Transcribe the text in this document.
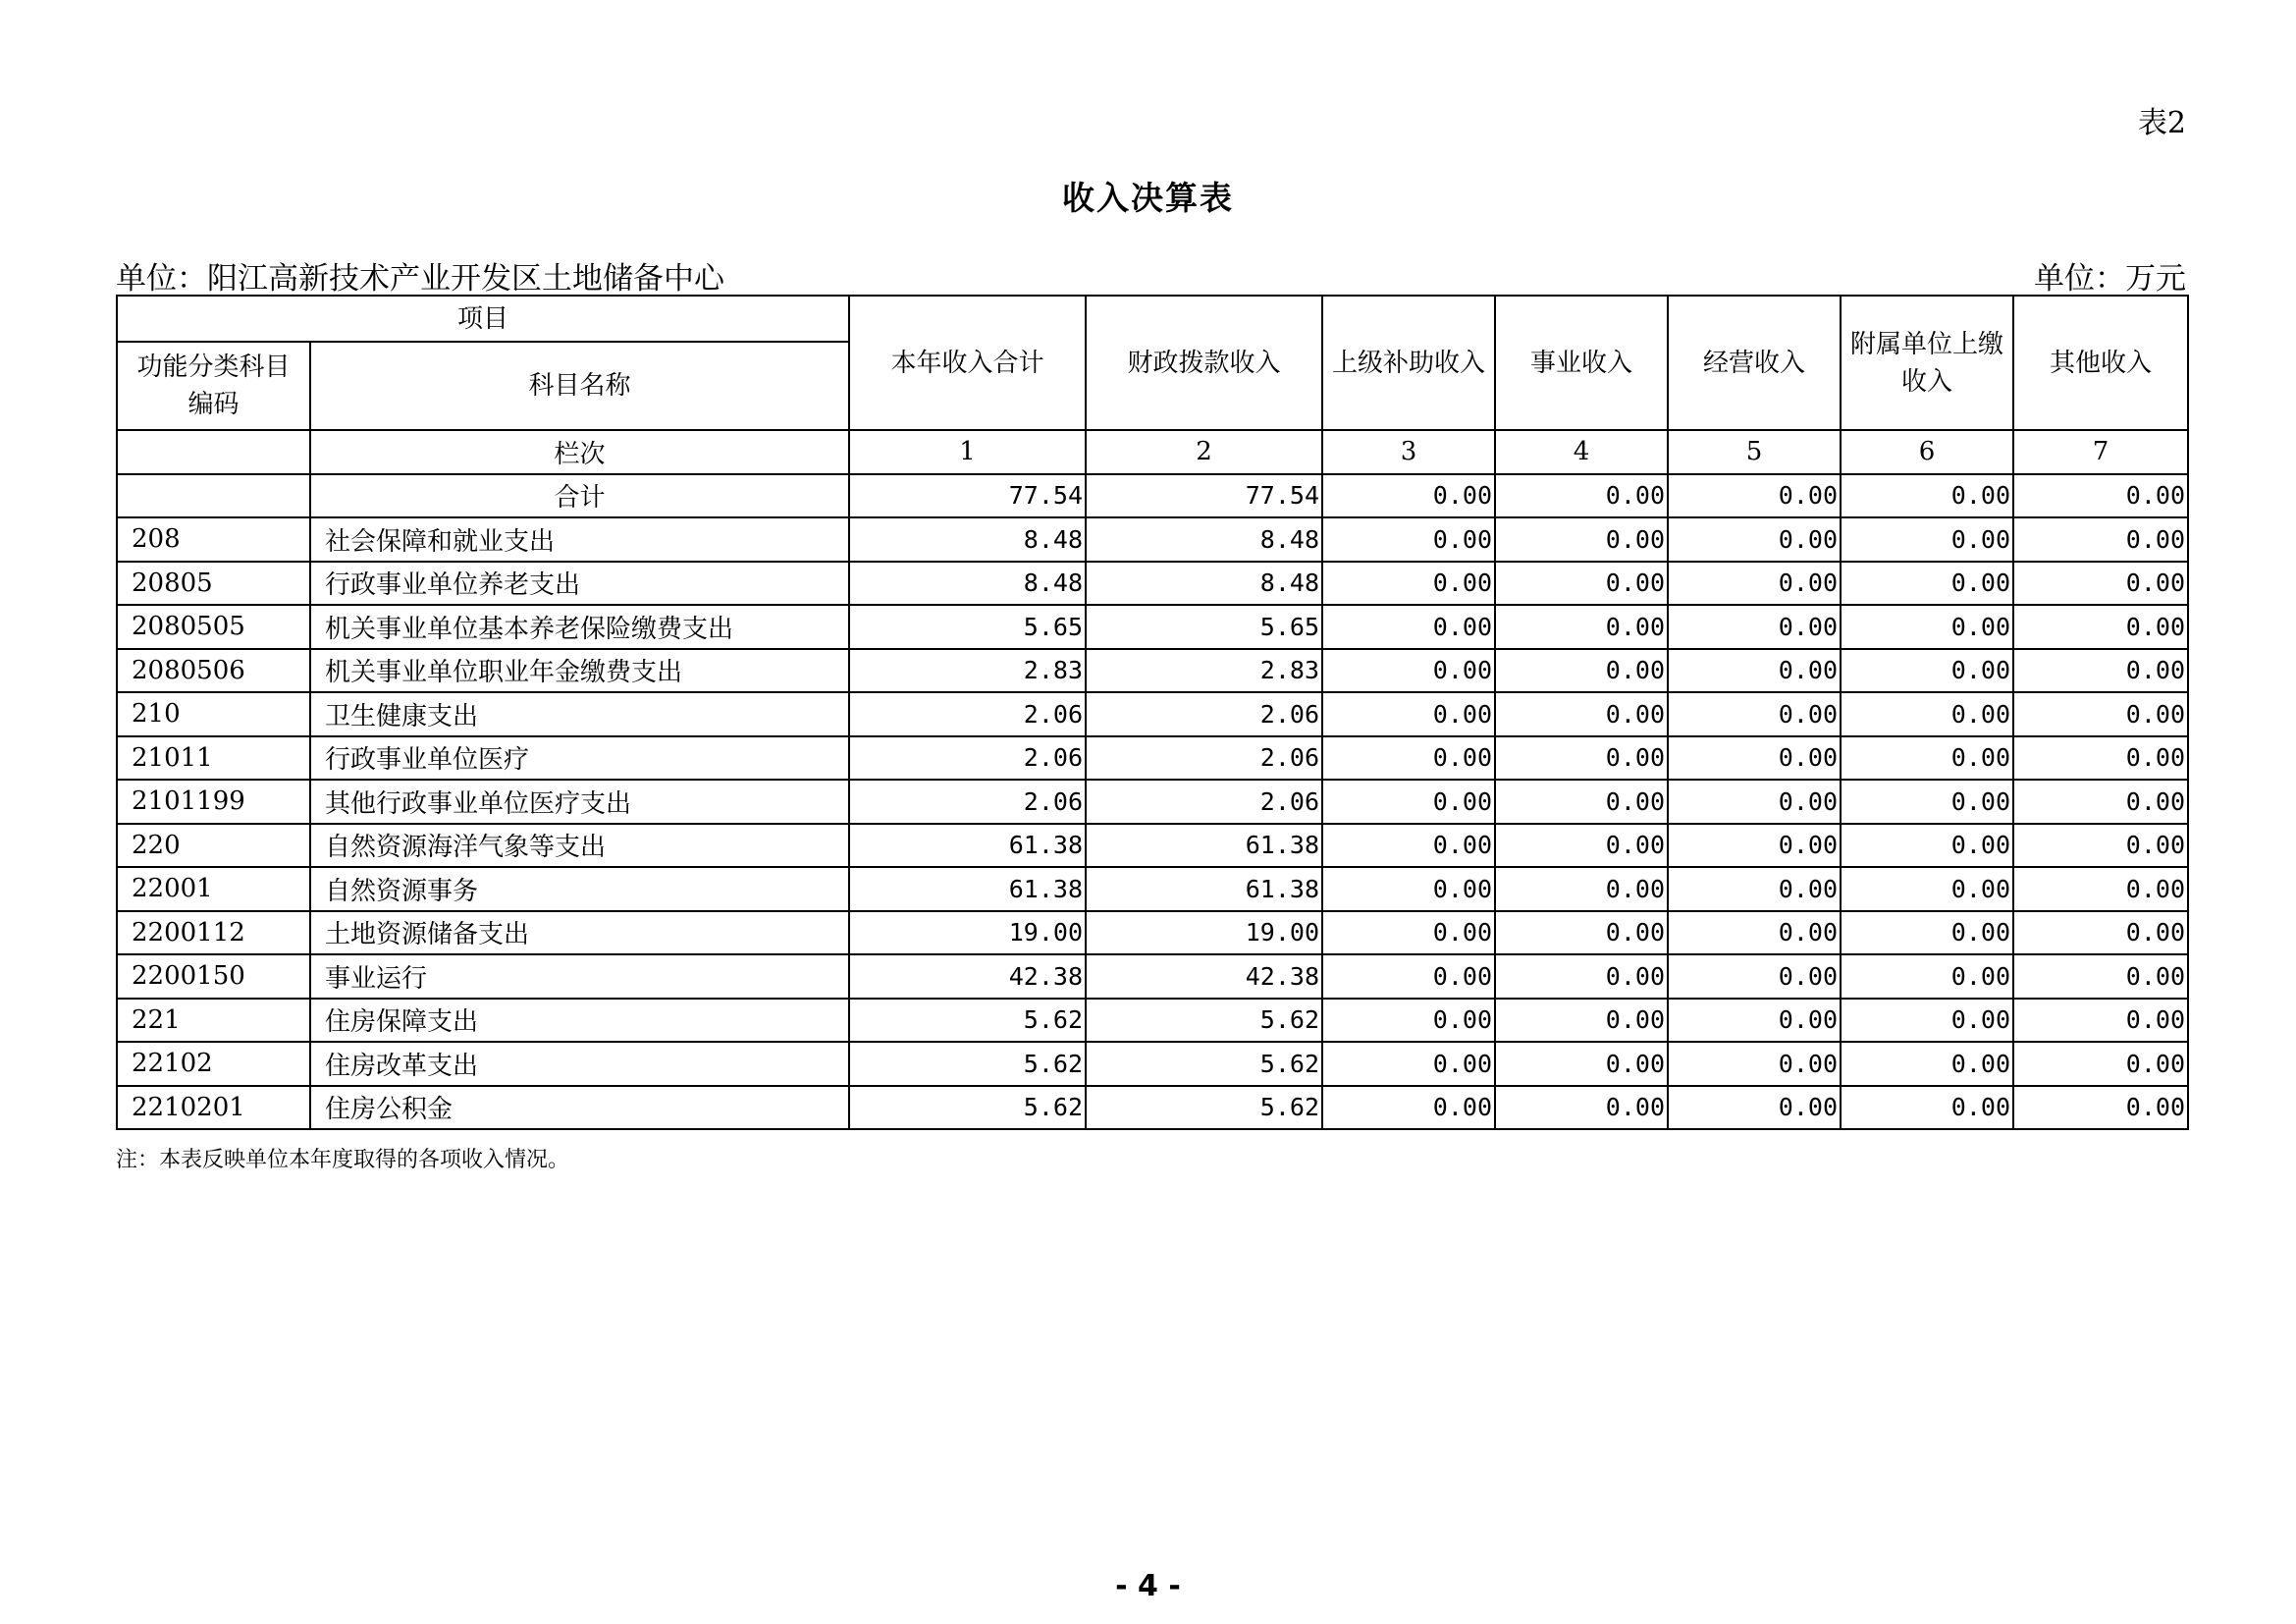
表2
收入决算表
单位：阳江高新技术产业开发区土地储备中心	单位：万元
项目		本年收入合计	财政拨款收入	上级补助收入	事业收入	经营收入	附属单位上缴收入	其他收入
功能分类科目编码	科目名称							
	栏次	1	2	3	4	5	6	7
	合计	77.54	77.54	0.00	0.00	0.00	0.00	0.00
208	社会保障和就业支出	8.48	8.48	0.00	0.00	0.00	0.00	0.00
20805	行政事业单位养老支出	8.48	8.48	0.00	0.00	0.00	0.00	0.00
2080505	机关事业单位基本养老保险缴费支出	5.65	5.65	0.00	0.00	0.00	0.00	0.00
2080506	机关事业单位职业年金缴费支出	2.83	2.83	0.00	0.00	0.00	0.00	0.00
210	卫生健康支出	2.06	2.06	0.00	0.00	0.00	0.00	0.00
21011	行政事业单位医疗	2.06	2.06	0.00	0.00	0.00	0.00	0.00
2101199	其他行政事业单位医疗支出	2.06	2.06	0.00	0.00	0.00	0.00	0.00
220	自然资源海洋气象等支出	61.38	61.38	0.00	0.00	0.00	0.00	0.00
22001	自然资源事务	61.38	61.38	0.00	0.00	0.00	0.00	0.00
2200112	土地资源储备支出	19.00	19.00	0.00	0.00	0.00	0.00	0.00
2200150	事业运行	42.38	42.38	0.00	0.00	0.00	0.00	0.00
221	住房保障支出	5.62	5.62	0.00	0.00	0.00	0.00	0.00
22102	住房改革支出	5.62	5.62	0.00	0.00	0.00	0.00	0.00
2210201	住房公积金	5.62	5.62	0.00	0.00	0.00	0.00	0.00
注：本表反映单位本年度取得的各项收入情况。
- 4 -
